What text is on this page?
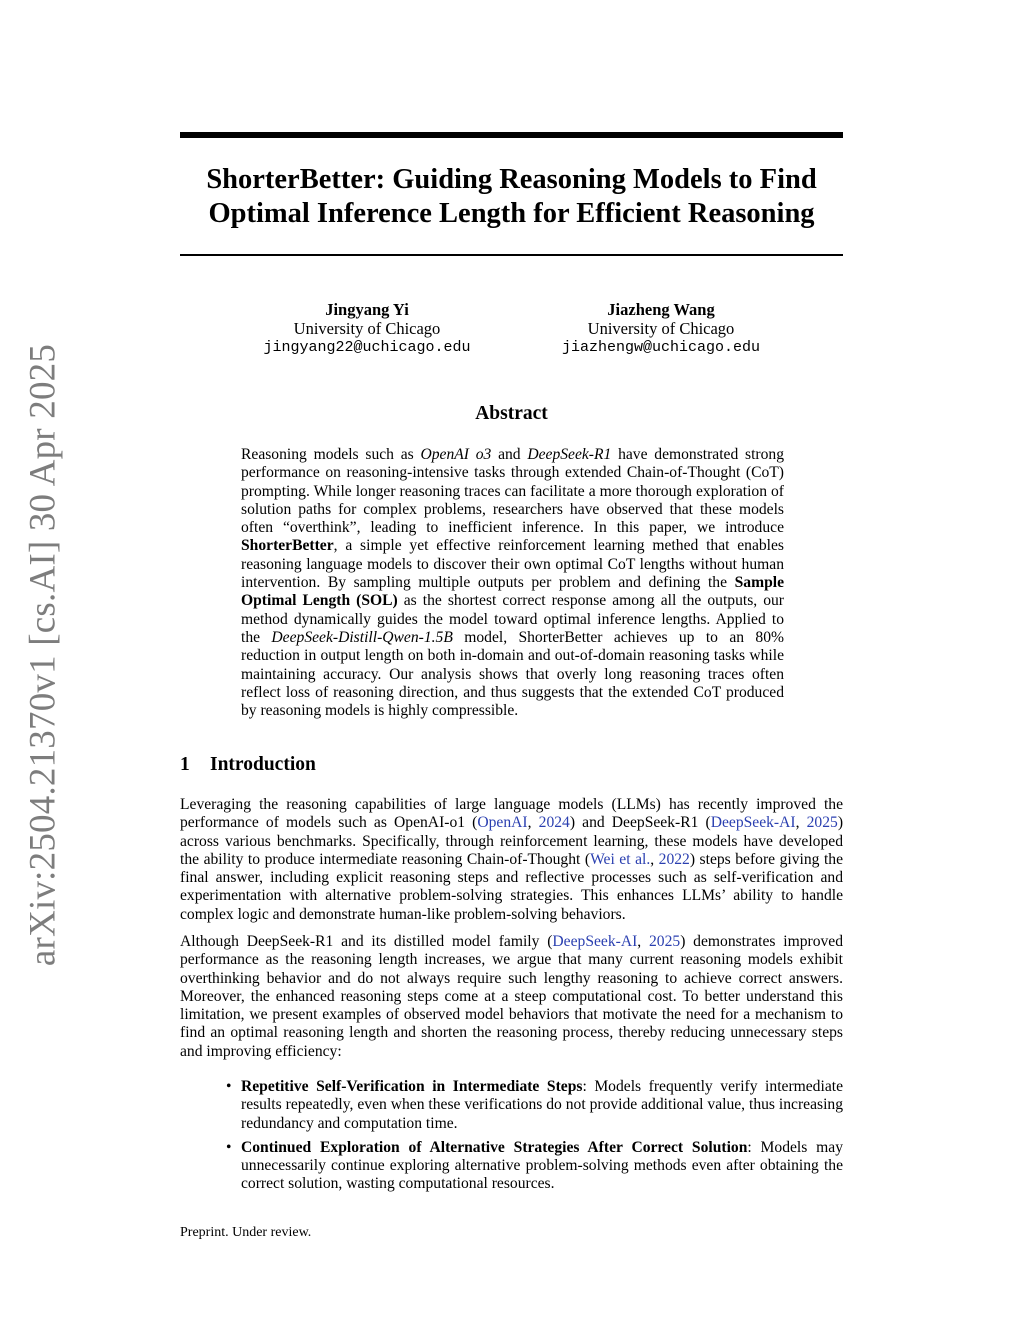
arXiv:2504.21370v1 [cs.AI] 30 Apr 2025
ShorterBetter: Guiding Reasoning Models to Find
Optimal Inference Length for Efficient Reasoning
Jingyang Yi
University of Chicago
jingyang22@uchicago.edu
Jiazheng Wang
University of Chicago
jiazhengw@uchicago.edu
Abstract
Reasoning models such as OpenAI o3 and DeepSeek-R1 have demonstrated strong performance on reasoning-intensive tasks through extended Chain-of-Thought (CoT) prompting. While longer reasoning traces can facilitate a more thorough exploration of solution paths for complex problems, researchers have observed that these models often “overthink”, leading to inefficient inference. In this paper, we introduce ShorterBetter, a simple yet effective reinforcement learning methed that enables reasoning language models to discover their own optimal CoT lengths without human intervention. By sampling multiple outputs per problem and defining the Sample Optimal Length (SOL) as the shortest correct response among all the outputs, our method dynamically guides the model toward optimal inference lengths. Applied to the DeepSeek-Distill-Qwen-1.5B model, ShorterBetter achieves up to an 80% reduction in output length on both in-domain and out-of-domain reasoning tasks while maintaining accuracy. Our analysis shows that overly long reasoning traces often reflect loss of reasoning direction, and thus suggests that the extended CoT produced by reasoning models is highly compressible.
1 Introduction

Leveraging the reasoning capabilities of large language models (LLMs) has recently improved the performance of models such as OpenAI-o1 (OpenAI, 2024) and DeepSeek-R1 (DeepSeek-AI, 2025) across various benchmarks. Specifically, through reinforcement learning, these models have developed the ability to produce intermediate reasoning Chain-of-Thought (Wei et al., 2022) steps before giving the final answer, including explicit reasoning steps and reflective processes such as self-verification and experimentation with alternative problem-solving strategies. This enhances LLMs’ ability to handle complex logic and demonstrate human-like problem-solving behaviors.

Although DeepSeek-R1 and its distilled model family (DeepSeek-AI, 2025) demonstrates improved performance as the reasoning length increases, we argue that many current reasoning models exhibit overthinking behavior and do not always require such lengthy reasoning to achieve correct answers. Moreover, the enhanced reasoning steps come at a steep computational cost. To better understand this limitation, we present examples of observed model behaviors that motivate the need for a mechanism to find an optimal reasoning length and shorten the reasoning process, thereby reducing unnecessary steps and improving efficiency:

• Repetitive Self-Verification in Intermediate Steps: Models frequently verify intermediate results repeatedly, even when these verifications do not provide additional value, thus increasing redundancy and computation time.
• Continued Exploration of Alternative Strategies After Correct Solution: Models may unnecessarily continue exploring alternative problem-solving methods even after obtaining the correct solution, wasting computational resources.
Preprint. Under review.
